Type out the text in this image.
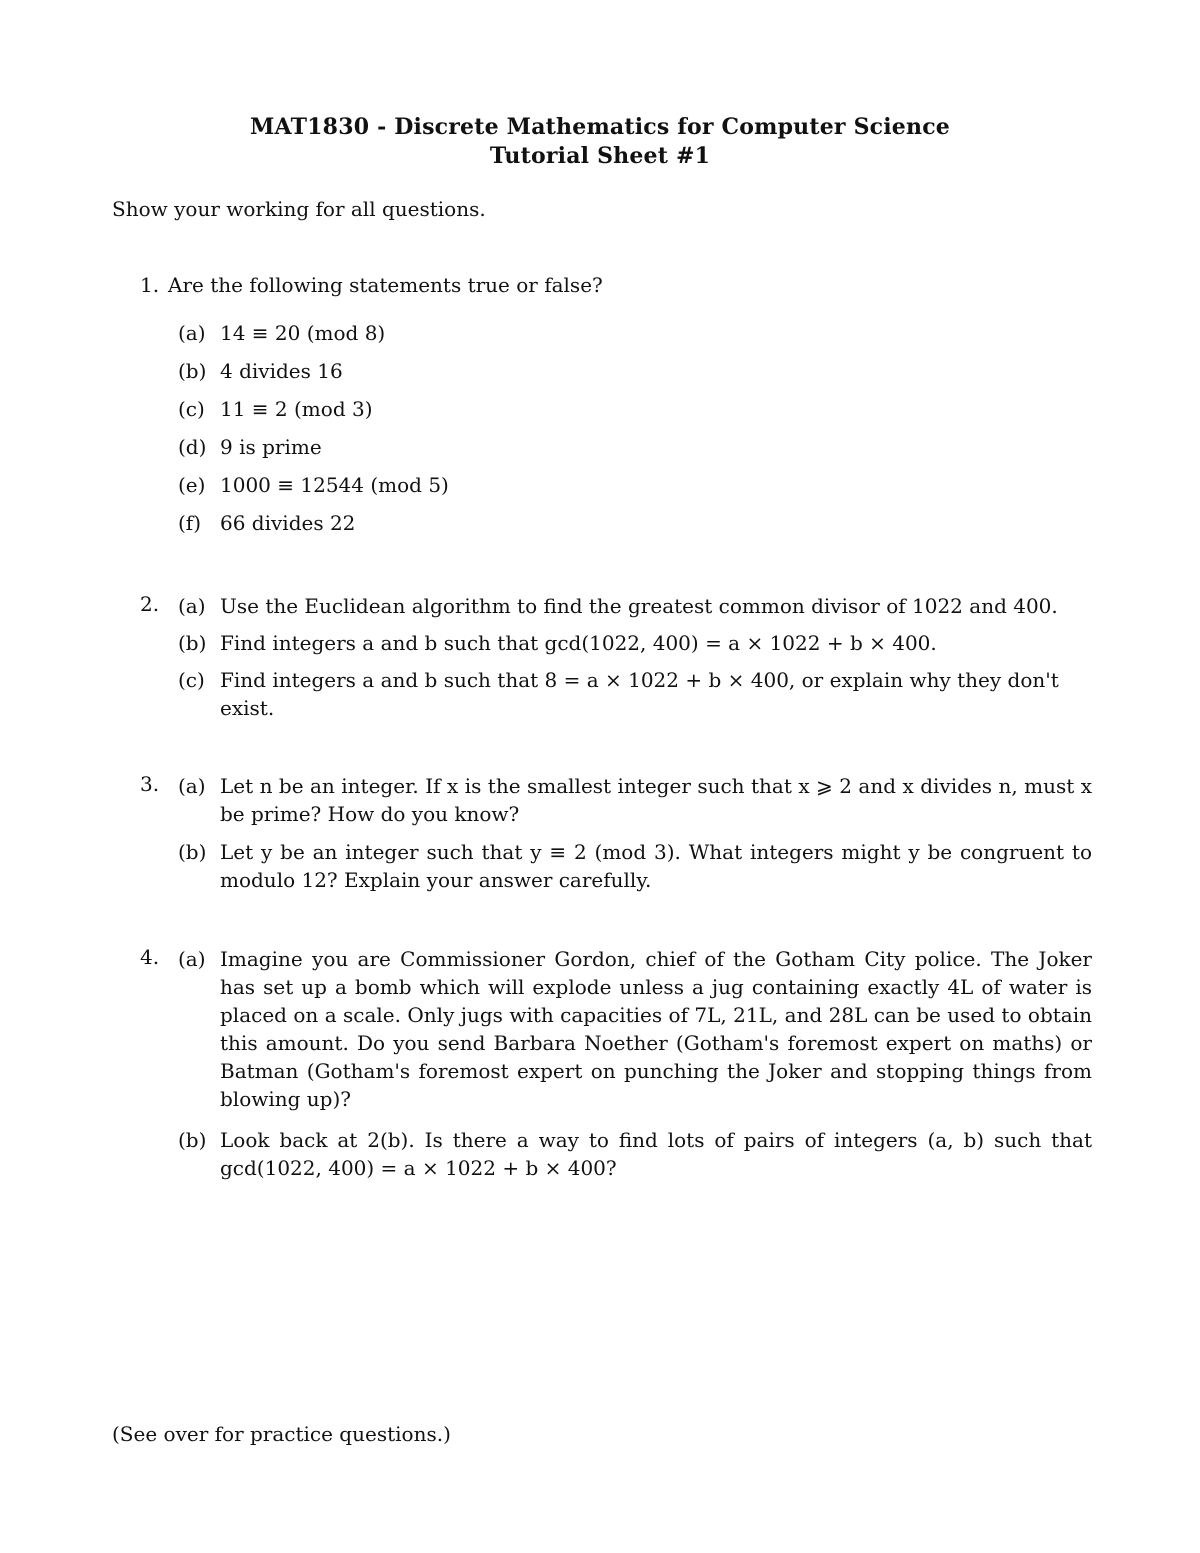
MAT1830 - Discrete Mathematics for Computer Science
Tutorial Sheet #1
Show your working for all questions.
1. Are the following statements true or false?
(a) 14 ≡ 20 (mod 8)
(b) 4 divides 16
(c) 11 ≡ 2 (mod 3)
(d) 9 is prime
(e) 1000 ≡ 12544 (mod 5)
(f) 66 divides 22
2. (a) Use the Euclidean algorithm to find the greatest common divisor of 1022 and 400.
(b) Find integers a and b such that gcd(1022, 400) = a × 1022 + b × 400.
(c) Find integers a and b such that 8 = a × 1022 + b × 400, or explain why they don't exist.
3. (a) Let n be an integer. If x is the smallest integer such that x ⩾ 2 and x divides n, must x be prime? How do you know?
(b) Let y be an integer such that y ≡ 2 (mod 3). What integers might y be congruent to modulo 12? Explain your answer carefully.
4. (a) Imagine you are Commissioner Gordon, chief of the Gotham City police. The Joker has set up a bomb which will explode unless a jug containing exactly 4L of water is placed on a scale. Only jugs with capacities of 7L, 21L, and 28L can be used to obtain this amount. Do you send Barbara Noether (Gotham's foremost expert on maths) or Batman (Gotham's foremost expert on punching the Joker and stopping things from blowing up)?
(b) Look back at 2(b). Is there a way to find lots of pairs of integers (a, b) such that gcd(1022, 400) = a × 1022 + b × 400?
(See over for practice questions.)
